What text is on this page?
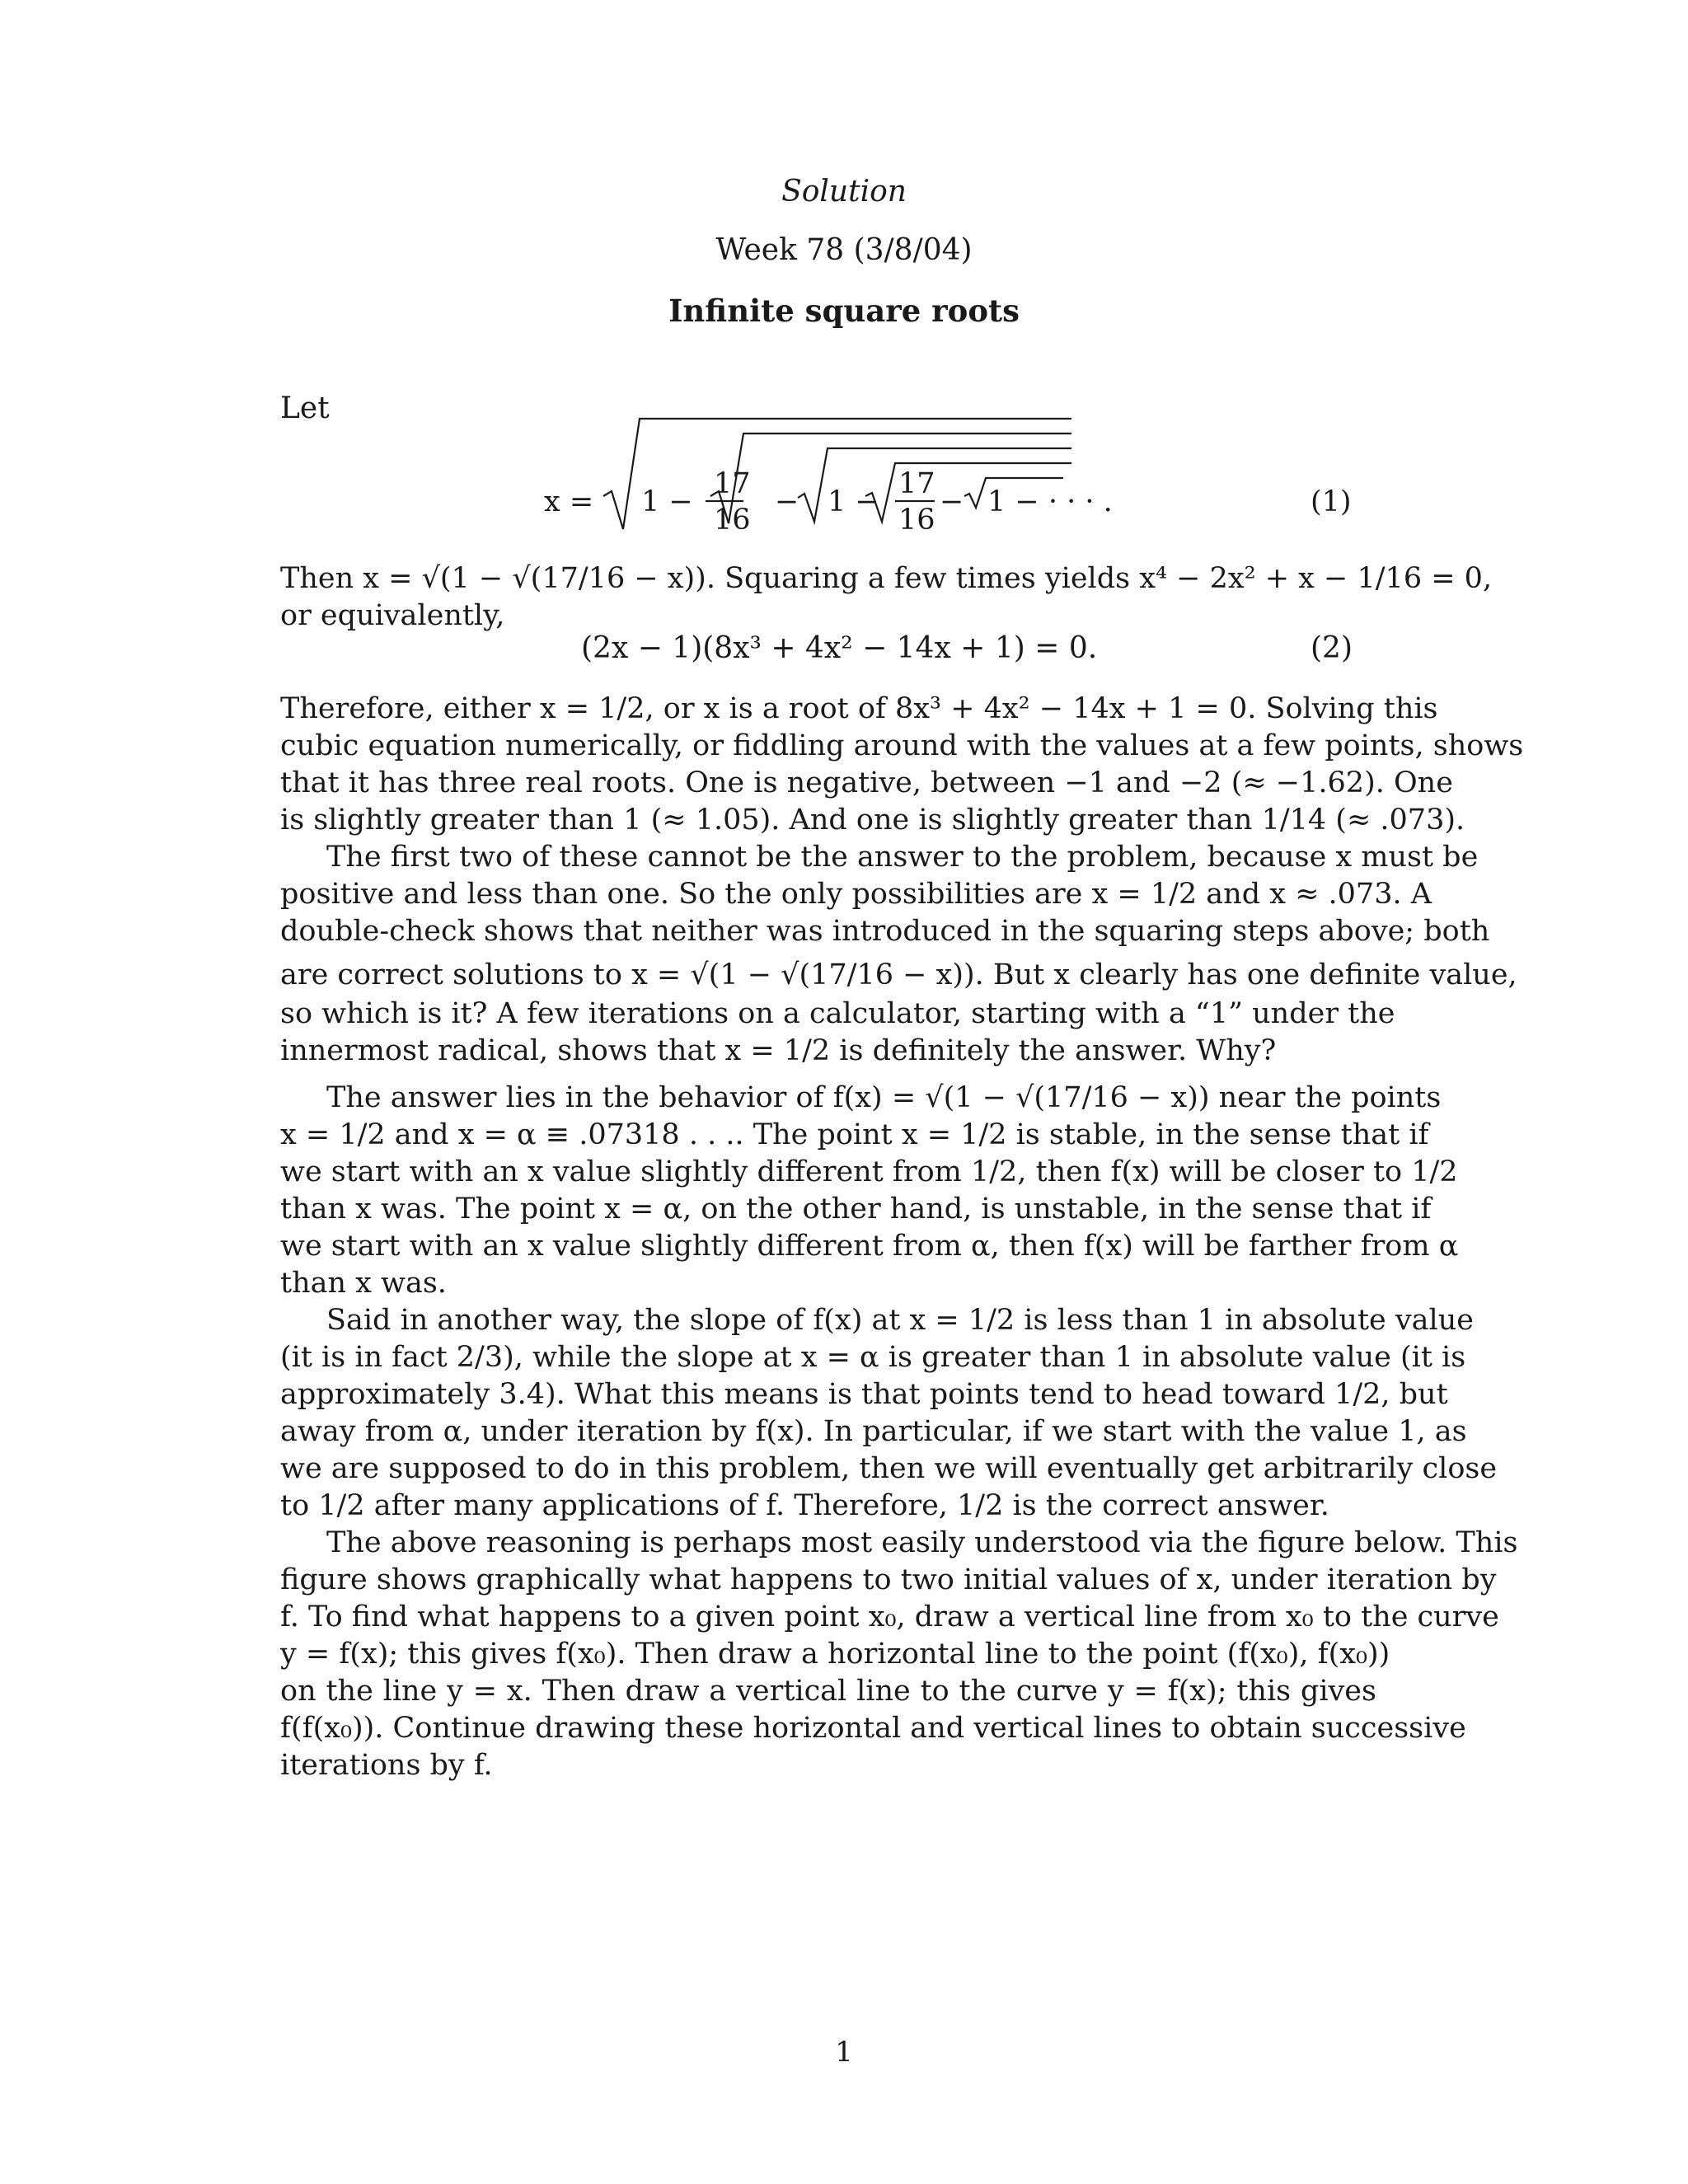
Solution
Week 78 (3/8/04)
Infinite square roots
Let
x = 1 −
17
16
− 1 −
17
16
− 1 − · · · .	(1)
Then x = √(1 − √(17/16 − x)). Squaring a few times yields x⁴ − 2x² + x − 1/16 = 0,
or equivalently,
(2x − 1)(8x³ + 4x² − 14x + 1) = 0.	(2)
Therefore, either x = 1/2, or x is a root of 8x³ + 4x² − 14x + 1 = 0. Solving this
cubic equation numerically, or fiddling around with the values at a few points, shows
that it has three real roots. One is negative, between −1 and −2 (≈ −1.62). One
is slightly greater than 1 (≈ 1.05). And one is slightly greater than 1/14 (≈ .073).
The first two of these cannot be the answer to the problem, because x must be
positive and less than one. So the only possibilities are x = 1/2 and x ≈ .073. A
double-check shows that neither was introduced in the squaring steps above; both
are correct solutions to x = √(1 − √(17/16 − x)). But x clearly has one definite value,
so which is it? A few iterations on a calculator, starting with a “1” under the
innermost radical, shows that x = 1/2 is definitely the answer. Why?
The answer lies in the behavior of f(x) = √(1 − √(17/16 − x)) near the points
x = 1/2 and x = α ≡ .07318 . . .. The point x = 1/2 is stable, in the sense that if
we start with an x value slightly different from 1/2, then f(x) will be closer to 1/2
than x was. The point x = α, on the other hand, is unstable, in the sense that if
we start with an x value slightly different from α, then f(x) will be farther from α
than x was.
Said in another way, the slope of f(x) at x = 1/2 is less than 1 in absolute value
(it is in fact 2/3), while the slope at x = α is greater than 1 in absolute value (it is
approximately 3.4). What this means is that points tend to head toward 1/2, but
away from α, under iteration by f(x). In particular, if we start with the value 1, as
we are supposed to do in this problem, then we will eventually get arbitrarily close
to 1/2 after many applications of f. Therefore, 1/2 is the correct answer.
The above reasoning is perhaps most easily understood via the figure below. This
figure shows graphically what happens to two initial values of x, under iteration by
f. To find what happens to a given point x₀, draw a vertical line from x₀ to the curve
y = f(x); this gives f(x₀). Then draw a horizontal line to the point (f(x₀), f(x₀))
on the line y = x. Then draw a vertical line to the curve y = f(x); this gives
f(f(x₀)). Continue drawing these horizontal and vertical lines to obtain successive
iterations by f.
1
